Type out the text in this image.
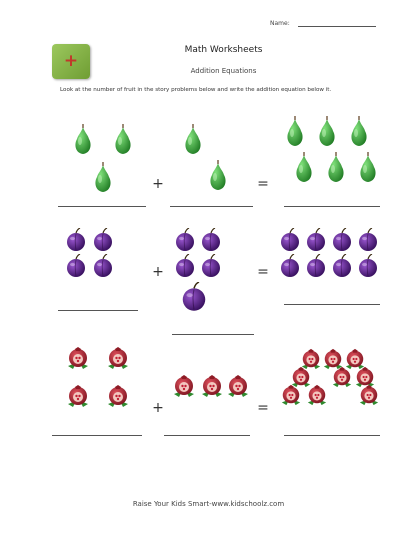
Name:
+
Math Worksheets
Addition Equations
Look at the number of fruit in the story problems below and write the addition equation below it.
+	=
+	=
+	=
Raise Your Kids Smart-www.kidschoolz.com
